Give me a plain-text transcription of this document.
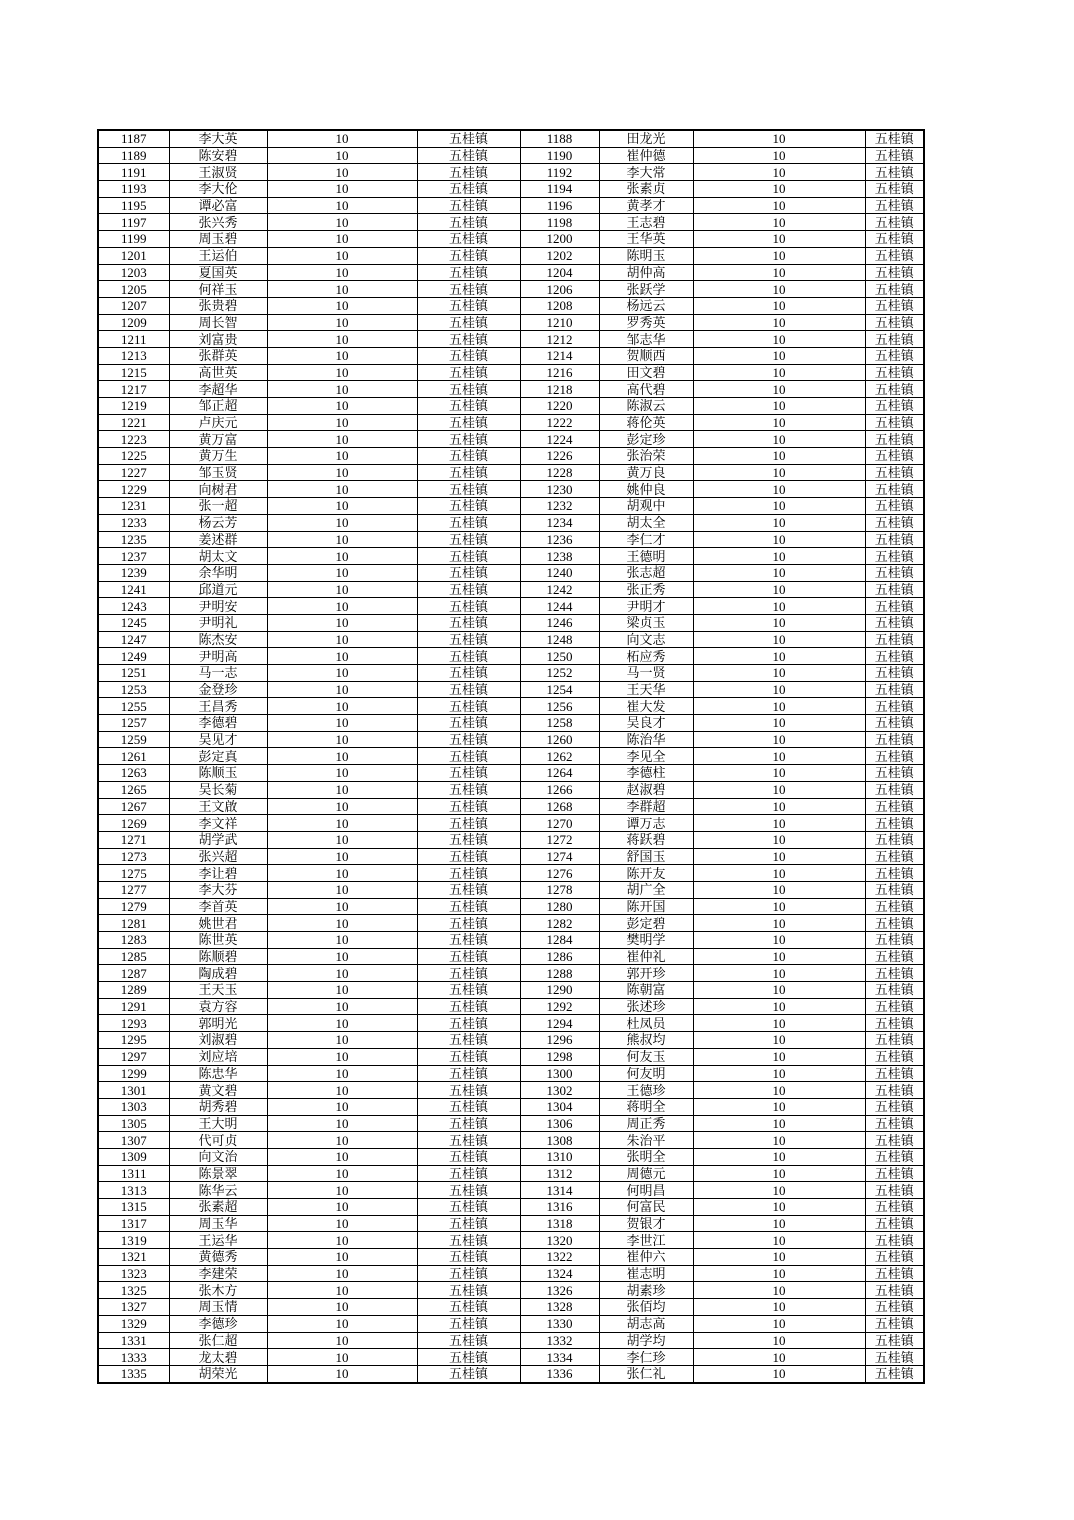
1187	李大英	10	五桂镇	1188	田龙光	10	五桂镇
1189	陈安碧	10	五桂镇	1190	崔仲德	10	五桂镇
1191	王淑贤	10	五桂镇	1192	李大常	10	五桂镇
1193	李大伦	10	五桂镇	1194	张素贞	10	五桂镇
1195	谭必富	10	五桂镇	1196	黄孝才	10	五桂镇
1197	张兴秀	10	五桂镇	1198	王志碧	10	五桂镇
1199	周玉碧	10	五桂镇	1200	王华英	10	五桂镇
1201	王运伯	10	五桂镇	1202	陈明玉	10	五桂镇
1203	夏国英	10	五桂镇	1204	胡仲高	10	五桂镇
1205	何祥玉	10	五桂镇	1206	张跃学	10	五桂镇
1207	张贵碧	10	五桂镇	1208	杨远云	10	五桂镇
1209	周长智	10	五桂镇	1210	罗秀英	10	五桂镇
1211	刘富贵	10	五桂镇	1212	邹志华	10	五桂镇
1213	张群英	10	五桂镇	1214	贺顺西	10	五桂镇
1215	高世英	10	五桂镇	1216	田文碧	10	五桂镇
1217	李超华	10	五桂镇	1218	高代碧	10	五桂镇
1219	邹正超	10	五桂镇	1220	陈淑云	10	五桂镇
1221	卢庆元	10	五桂镇	1222	蒋伦英	10	五桂镇
1223	黄万富	10	五桂镇	1224	彭定珍	10	五桂镇
1225	黄万生	10	五桂镇	1226	张治荣	10	五桂镇
1227	邹玉贤	10	五桂镇	1228	黄万良	10	五桂镇
1229	向树君	10	五桂镇	1230	姚仲良	10	五桂镇
1231	张一超	10	五桂镇	1232	胡观中	10	五桂镇
1233	杨云芳	10	五桂镇	1234	胡太全	10	五桂镇
1235	姜述群	10	五桂镇	1236	李仁才	10	五桂镇
1237	胡太文	10	五桂镇	1238	王德明	10	五桂镇
1239	余华明	10	五桂镇	1240	张志超	10	五桂镇
1241	邱道元	10	五桂镇	1242	张正秀	10	五桂镇
1243	尹明安	10	五桂镇	1244	尹明才	10	五桂镇
1245	尹明礼	10	五桂镇	1246	梁贞玉	10	五桂镇
1247	陈杰安	10	五桂镇	1248	向文志	10	五桂镇
1249	尹明高	10	五桂镇	1250	柘应秀	10	五桂镇
1251	马一志	10	五桂镇	1252	马一贤	10	五桂镇
1253	金登珍	10	五桂镇	1254	王天华	10	五桂镇
1255	王昌秀	10	五桂镇	1256	崔大发	10	五桂镇
1257	李德碧	10	五桂镇	1258	吴良才	10	五桂镇
1259	吴见才	10	五桂镇	1260	陈治华	10	五桂镇
1261	彭定真	10	五桂镇	1262	李见全	10	五桂镇
1263	陈顺玉	10	五桂镇	1264	李德柱	10	五桂镇
1265	吴长菊	10	五桂镇	1266	赵淑碧	10	五桂镇
1267	王文啟	10	五桂镇	1268	李群超	10	五桂镇
1269	李文祥	10	五桂镇	1270	谭万志	10	五桂镇
1271	胡学武	10	五桂镇	1272	蒋跃碧	10	五桂镇
1273	张兴超	10	五桂镇	1274	舒国玉	10	五桂镇
1275	李让碧	10	五桂镇	1276	陈开友	10	五桂镇
1277	李大芬	10	五桂镇	1278	胡广全	10	五桂镇
1279	李首英	10	五桂镇	1280	陈开国	10	五桂镇
1281	姚世君	10	五桂镇	1282	彭定碧	10	五桂镇
1283	陈世英	10	五桂镇	1284	樊明学	10	五桂镇
1285	陈顺碧	10	五桂镇	1286	崔仲礼	10	五桂镇
1287	陶成碧	10	五桂镇	1288	郭开珍	10	五桂镇
1289	王天玉	10	五桂镇	1290	陈朝富	10	五桂镇
1291	袁方容	10	五桂镇	1292	张述珍	10	五桂镇
1293	郭明光	10	五桂镇	1294	杜凤员	10	五桂镇
1295	刘淑碧	10	五桂镇	1296	熊叔均	10	五桂镇
1297	刘应培	10	五桂镇	1298	何友玉	10	五桂镇
1299	陈忠华	10	五桂镇	1300	何友明	10	五桂镇
1301	黄文碧	10	五桂镇	1302	王德珍	10	五桂镇
1303	胡秀碧	10	五桂镇	1304	蒋明全	10	五桂镇
1305	王大明	10	五桂镇	1306	周正秀	10	五桂镇
1307	代可贞	10	五桂镇	1308	朱治平	10	五桂镇
1309	向文治	10	五桂镇	1310	张明全	10	五桂镇
1311	陈景翠	10	五桂镇	1312	周德元	10	五桂镇
1313	陈华云	10	五桂镇	1314	何明昌	10	五桂镇
1315	张素超	10	五桂镇	1316	何富民	10	五桂镇
1317	周玉华	10	五桂镇	1318	贺银才	10	五桂镇
1319	王运华	10	五桂镇	1320	李世江	10	五桂镇
1321	黄德秀	10	五桂镇	1322	崔仲六	10	五桂镇
1323	李建荣	10	五桂镇	1324	崔志明	10	五桂镇
1325	张木方	10	五桂镇	1326	胡素珍	10	五桂镇
1327	周玉情	10	五桂镇	1328	张佰均	10	五桂镇
1329	李德珍	10	五桂镇	1330	胡志高	10	五桂镇
1331	张仁超	10	五桂镇	1332	胡学均	10	五桂镇
1333	龙太碧	10	五桂镇	1334	李仁珍	10	五桂镇
1335	胡荣光	10	五桂镇	1336	张仁礼	10	五桂镇
